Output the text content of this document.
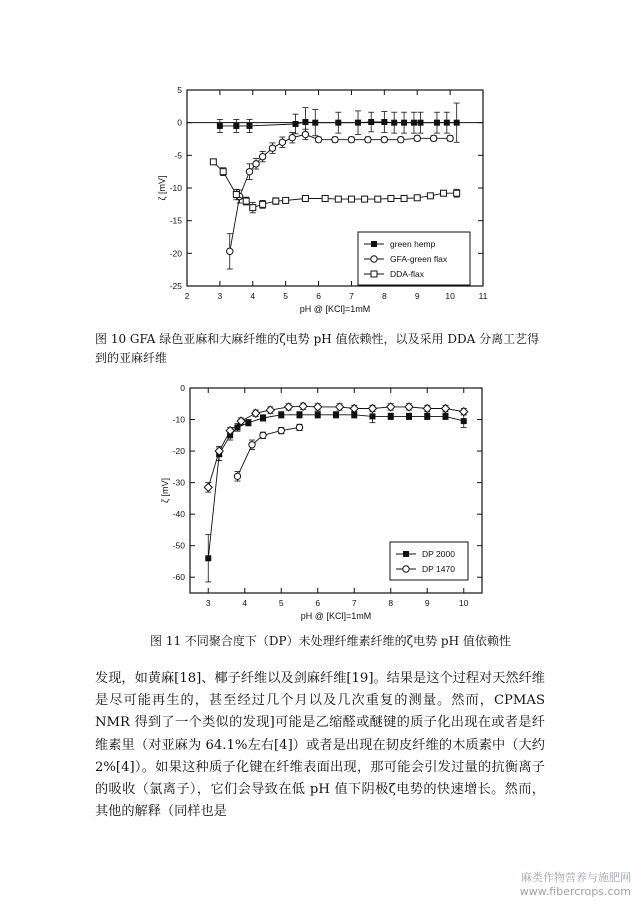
2	3	4	5	6	7	8	9	10	11
5
0
-5
-10
-15
-20
-25
pH @ [KCl]=1mM
ζ [mV]
green hemp
GFA-green flax
DDA-flax
图 10 GFA 绿色亚麻和大麻纤维的ζ电势 pH 值依赖性，以及采用 DDA 分离工艺得到的亚麻纤维
3	4	5	6	7	8	9	10
0
-10
-20
-30
-40
-50
-60
pH @ [KCl]=1mM
ζ [mV]
DP 2000
DP 1470
图 11 不同聚合度下（DP）未处理纤维素纤维的ζ电势 pH 值依赖性

发现，如黄麻[18]、椰子纤维以及剑麻纤维[19]。结果是这个过程对天然纤维是尽可能再生的，甚至经过几个月以及几次重复的测量。然而，CPMAS NMR 得到了一个类似的发现]可能是乙缩醛或醚键的质子化出现在或者是纤维素里（对亚麻为 64.1%左右[4]）或者是出现在韧皮纤维的木质素中（大约 2%[4]）。如果这种质子化键在纤维表面出现，那可能会引发过量的抗衡离子的吸收（氯离子），它们会导致在低 pH 值下阴极ζ电势的快速增长。然而，其他的解释（同样也是

麻类作物营养与施肥网
www.fibercrops.com
